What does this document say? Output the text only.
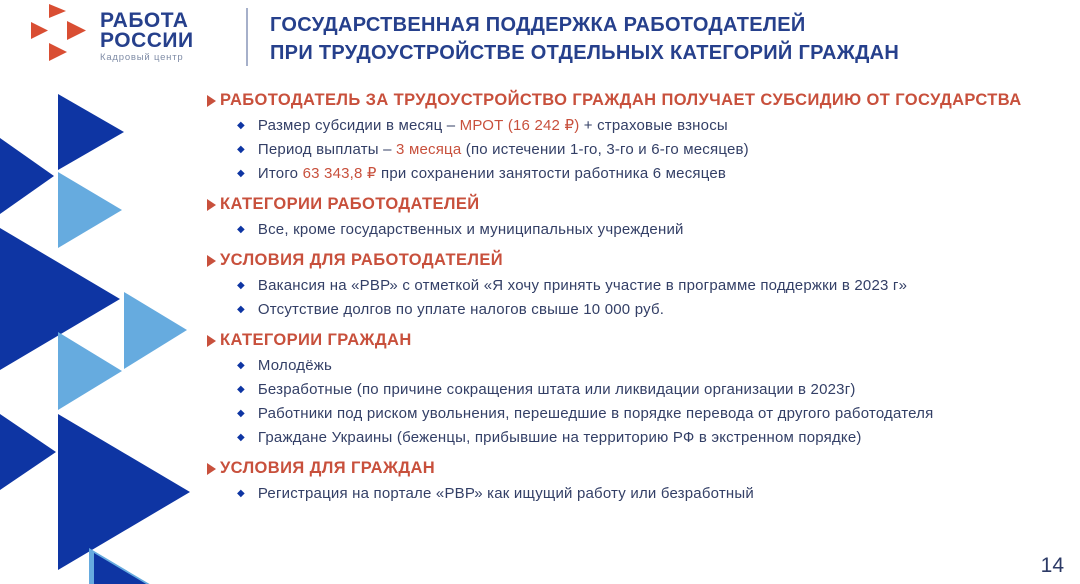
РАБОТА
РОССИИ
Кадровый центр
ГОСУДАРСТВЕННАЯ ПОДДЕРЖКА РАБОТОДАТЕЛЕЙ
ПРИ ТРУДОУСТРОЙСТВЕ ОТДЕЛЬНЫХ КАТЕГОРИЙ ГРАЖДАН
РАБОТОДАТЕЛЬ ЗА ТРУДОУСТРОЙСТВО ГРАЖДАН ПОЛУЧАЕТ СУБСИДИЮ ОТ ГОСУДАРСТВА
◆ Размер субсидии в месяц – МРОТ (16 242 ₽) + страховые взносы
◆ Период выплаты – 3 месяца (по истечении 1-го, 3-го и 6-го месяцев)
◆ Итого 63 343,8 ₽ при сохранении занятости работника 6 месяцев
КАТЕГОРИИ РАБОТОДАТЕЛЕЙ
◆ Все, кроме государственных и муниципальных учреждений
УСЛОВИЯ ДЛЯ РАБОТОДАТЕЛЕЙ
◆ Вакансия на «РВР» с отметкой «Я хочу принять участие в программе поддержки в 2023 г»
◆ Отсутствие долгов по уплате налогов свыше 10 000 руб.
КАТЕГОРИИ ГРАЖДАН
◆ Молодёжь
◆ Безработные (по причине сокращения штата или ликвидации организации в 2023г)
◆ Работники под риском увольнения, перешедшие в порядке перевода от другого работодателя
◆ Граждане Украины (беженцы, прибывшие на территорию РФ в экстренном порядке)
УСЛОВИЯ ДЛЯ ГРАЖДАН
◆ Регистрация на портале «РВР» как ищущий работу или безработный
14
